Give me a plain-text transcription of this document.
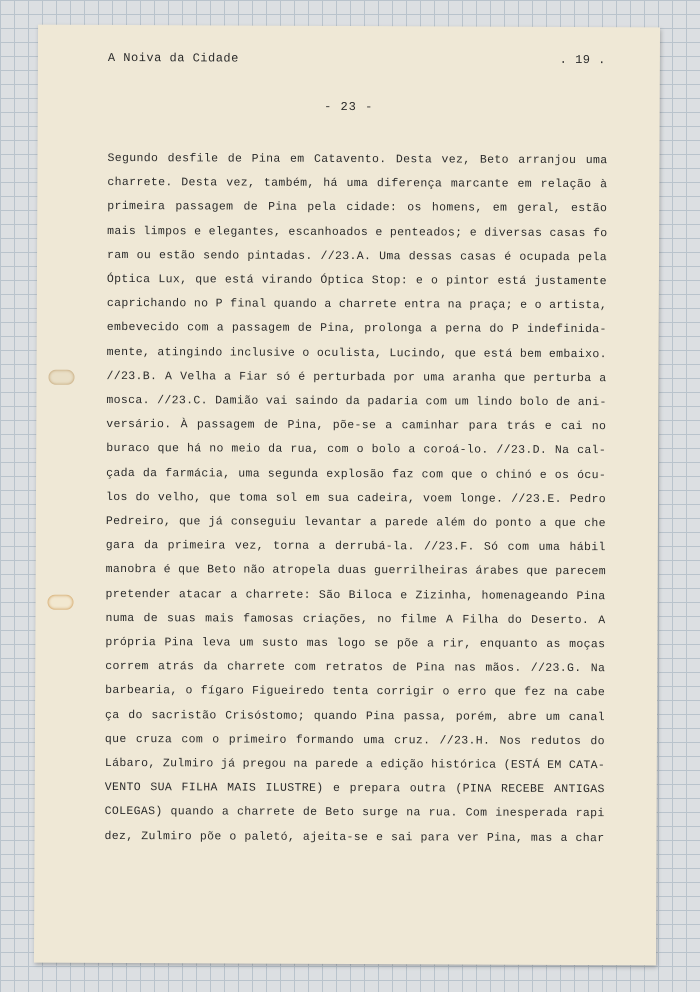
A Noiva da Cidade	. 19 .
- 23 -
Segundo desfile de Pina em Catavento. Desta vez, Beto arranjou uma
charrete. Desta vez, também, há uma diferença marcante em relação à
primeira passagem de Pina pela cidade: os homens, em geral, estão
mais limpos e elegantes, escanhoados e penteados; e diversas casas fo
ram ou estão sendo pintadas. //23.A. Uma dessas casas é ocupada pela
Óptica Lux, que está virando Óptica Stop: e o pintor está justamente
caprichando no P final quando a charrete entra na praça; e o artista,
embevecido com a passagem de Pina, prolonga a perna do P indefinida-
mente, atingindo inclusive o oculista, Lucindo, que está bem embaixo.
//23.B. A Velha a Fiar só é perturbada por uma aranha que perturba a
mosca. //23.C. Damião vai saindo da padaria com um lindo bolo de ani-
versário. À passagem de Pina, põe-se a caminhar para trás e cai no
buraco que há no meio da rua, com o bolo a coroá-lo. //23.D. Na cal-
çada da farmácia, uma segunda explosão faz com que o chinó e os ócu-
los do velho, que toma sol em sua cadeira, voem longe. //23.E. Pedro
Pedreiro, que já conseguiu levantar a parede além do ponto a que che
gara da primeira vez, torna a derrubá-la. //23.F. Só com uma hábil
manobra é que Beto não atropela duas guerrilheiras árabes que parecem
pretender atacar a charrete: São Biloca e Zizinha, homenageando Pina
numa de suas mais famosas criações, no filme A Filha do Deserto. A
própria Pina leva um susto mas logo se põe a rir, enquanto as moças
correm atrás da charrete com retratos de Pina nas mãos. //23.G. Na
barbearia, o fígaro Figueiredo tenta corrigir o erro que fez na cabe
ça do sacristão Crisóstomo; quando Pina passa, porém, abre um canal
que cruza com o primeiro formando uma cruz. //23.H. Nos redutos do
Lábaro, Zulmiro já pregou na parede a edição histórica (ESTÁ EM CATA-
VENTO SUA FILHA MAIS ILUSTRE) e prepara outra (PINA RECEBE ANTIGAS
COLEGAS) quando a charrete de Beto surge na rua. Com inesperada rapi
dez, Zulmiro põe o paletó, ajeita-se e sai para ver Pina, mas a char
